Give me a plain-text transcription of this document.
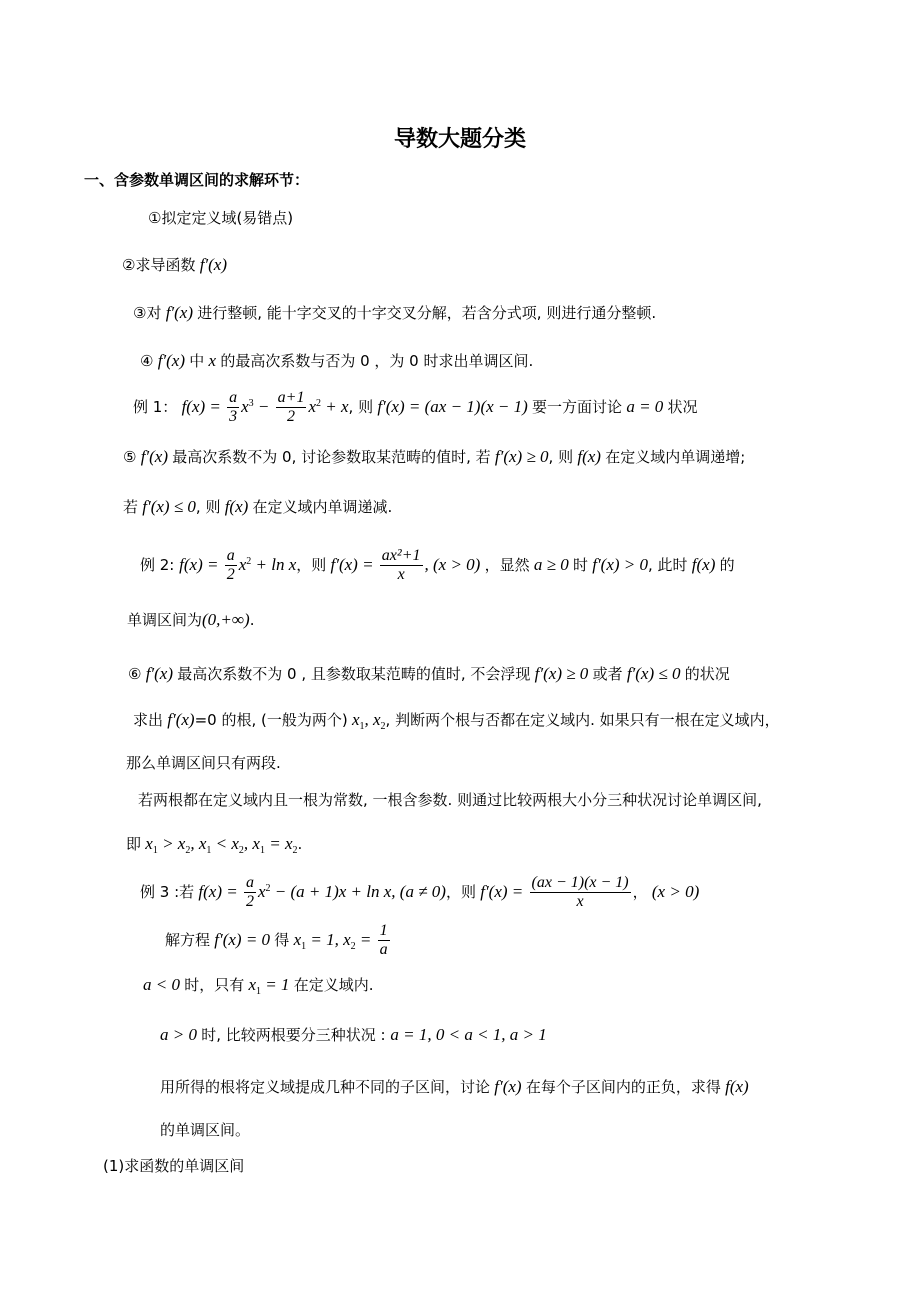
导数大题分类
一、含参数单调区间的求解环节：
①拟定定义域(易错点)
②求导函数 f′(x)
③对 f′(x) 进行整顿, 能十字交叉的十字交叉分解，若含分式项, 则进行通分整顿.
④ f′(x) 中 x 的最高次系数与否为 0 ，为 0 时求出单调区间.
例 1： $f(x) = \frac{a}{3} x^3 - \frac{a+1}{2} x^2 + x$, 则 f′(x) = (ax − 1)(x − 1) 要一方面讨论 a = 0 状况
⑤ f′(x) 最高次系数不为 0, 讨论参数取某范畴的值时, 若 f′(x) ≥ 0, 则 f(x) 在定义域内单调递增;
若 f′(x) ≤ 0, 则 f(x) 在定义域内单调递减.
例 2: $f(x) = \frac{a}{2} x^2 + \ln x$，则 $f'(x) = \frac{\text{ax²+1}}{x}$ , (x > 0) ，显然 a ≥ 0 时 f′(x) > 0, 此时 f(x) 的
单调区间为(0,+∞).
⑥ f′(x) 最高次系数不为 0 , 且参数取某范畴的值时, 不会浮现 f′(x) ≥ 0 或者 f′(x) ≤ 0 的状况
求出 f′(x)=0 的根, (一般为两个) $x_1$, $x_2$, 判断两个根与否都在定义域内. 如果只有一根在定义域内，
那么单调区间只有两段.
若两根都在定义域内且一根为常数, 一根含参数. 则通过比较两根大小分三种状况讨论单调区间,
即 $x_1 > x_2$, $x_1 < x_2$, $x_1 = x_2$.
例 3 :若 $f(x) = \frac{a}{2} x^2 - (a + 1)x + \ln x$, (a ≠ 0)，则 $f'(x) = \frac{(ax - 1)(x - 1)}{x}$ ， (x > 0)
解方程 f′(x) = 0 得 $x_1 = 1$, $x_2 = \frac{1}{a}$
a < 0 时，只有 $x_1 = 1$ 在定义域内.
a > 0 时, 比较两根要分三种状况 : a = 1, 0 < a < 1, a > 1
用所得的根将定义域提成几种不同的子区间，讨论 f′(x) 在每个子区间内的正负，求得 f(x)
的单调区间。
(1)求函数的单调区间
